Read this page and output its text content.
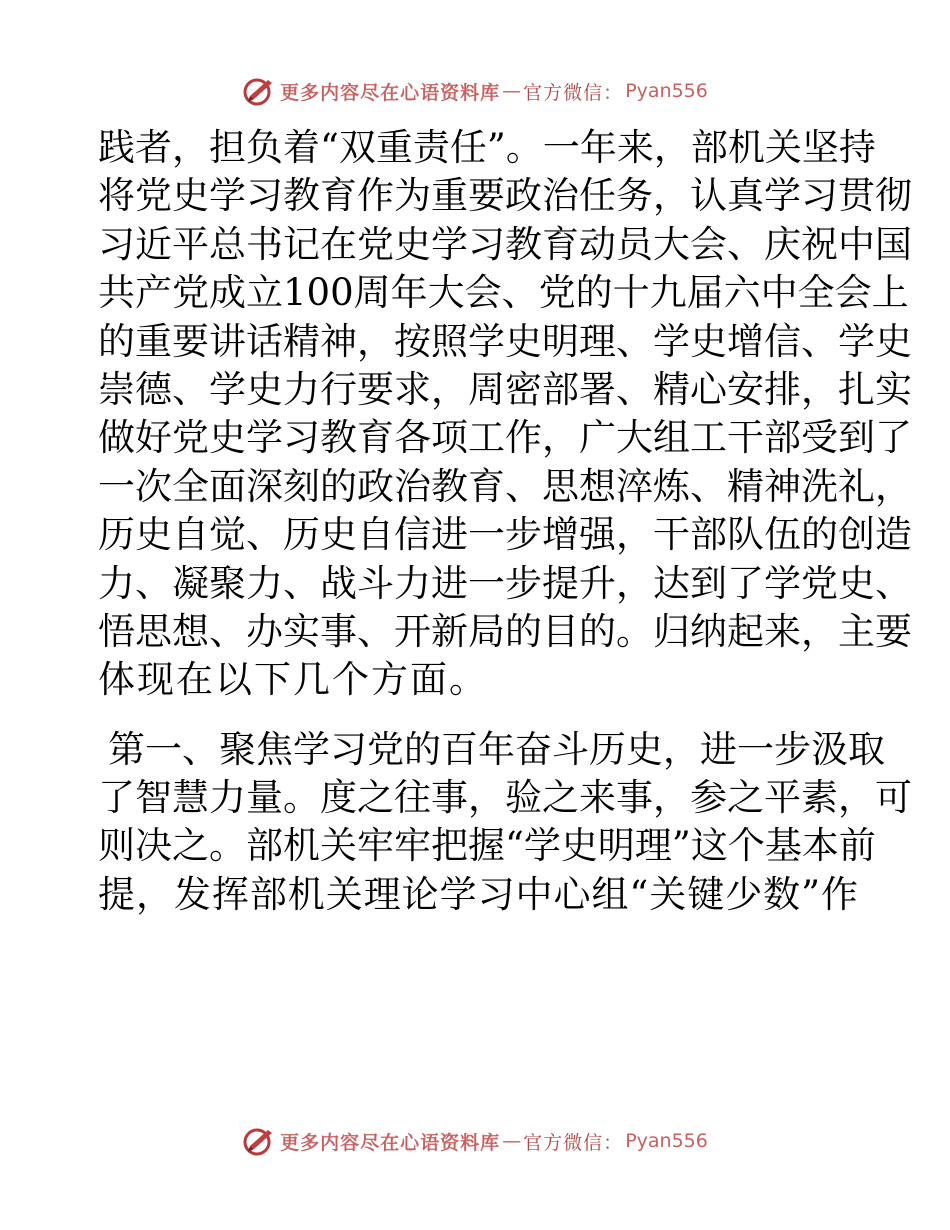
更多内容尽在心语资料库 — 官方微信： Pyan556
践者，担负着“双重责任”。一年来，部机关坚持
将党史学习教育作为重要政治任务，认真学习贯彻
习近平总书记在党史学习教育动员大会、庆祝中国
共产党成立100周年大会、党的十九届六中全会上
的重要讲话精神，按照学史明理、学史增信、学史
崇德、学史力行要求，周密部署、精心安排，扎实
做好党史学习教育各项工作，广大组工干部受到了
一次全面深刻的政治教育、思想淬炼、精神洗礼，
历史自觉、历史自信进一步增强，干部队伍的创造
力、凝聚力、战斗力进一步提升，达到了学党史、
悟思想、办实事、开新局的目的。归纳起来，主要
体现在以下几个方面。
第一、聚焦学习党的百年奋斗历史，进一步汲取
了智慧力量。度之往事，验之来事，参之平素，可
则决之。部机关牢牢把握“学史明理”这个基本前
提，发挥部机关理论学习中心组“关键少数”作
更多内容尽在心语资料库 — 官方微信： Pyan556
